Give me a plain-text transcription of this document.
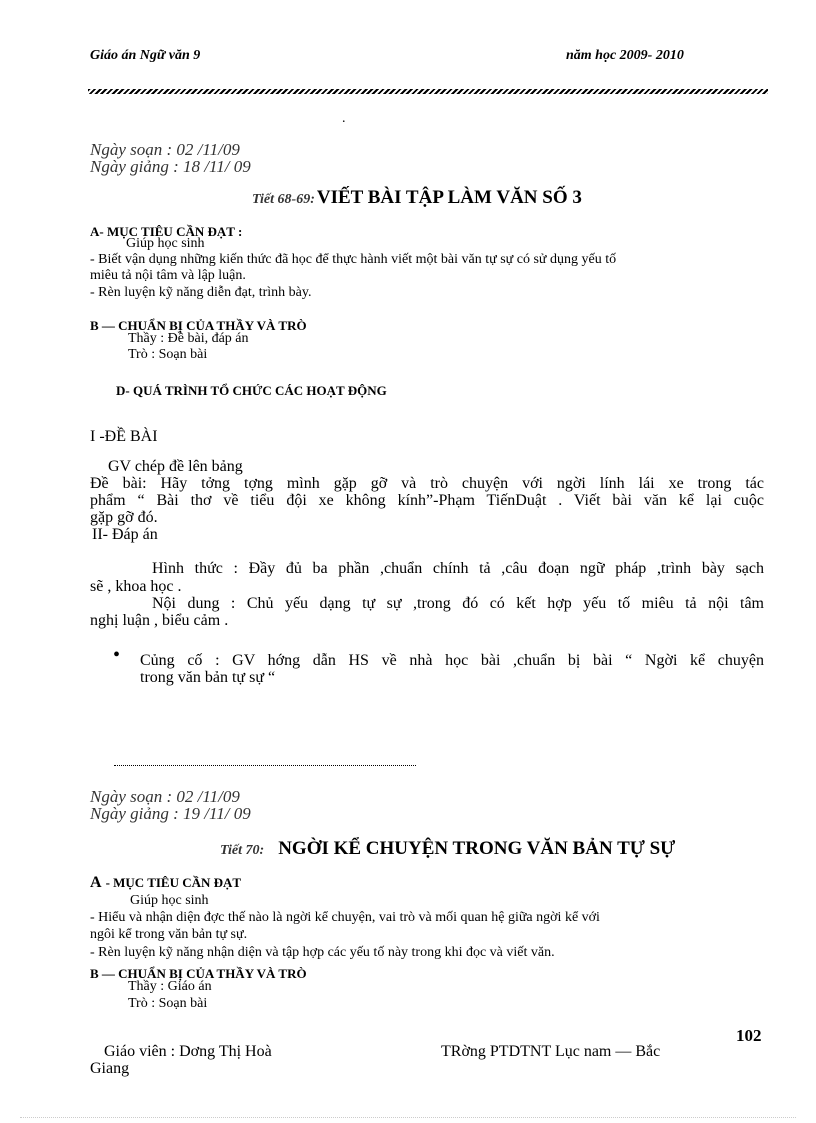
Giáo án Ngữ văn 9	năm học 2009- 2010
.
Ngày soạn : 02 /11/09
Ngày giảng : 18 /11/ 09
Tiết 68-69: VIẾT BÀI TẬP LÀM VĂN SỐ 3
A- MỤC TIÊU CẦN ĐẠT :
Giúp học sinh
- Biết vận dụng những kiến thức đã học để thực hành viết một bài văn tự sự có sử dụng yếu tố
miêu tả nội tâm và lập luận.
- Rèn luyện kỹ năng diễn đạt, trình bày.
B — CHUẨN BỊ CỦA THẦY VÀ TRÒ
Thầy : Đề bài, đáp án
Trò : Soạn bài
D- QUÁ TRÌNH TỔ CHỨC CÁC HOẠT ĐỘNG
I -ĐỀ BÀI
GV chép đề lên bảng
Đề bài: Hãy tởng tợng mình gặp gỡ và trò chuyện với ngời lính lái xe trong tác
phẩm “ Bài thơ về tiểu đội xe không kính”-Phạm TiếnDuật . Viết bài văn kể lại cuộc
gặp gỡ đó.
II- Đáp án
Hình thức : Đầy đủ ba phần ,chuẩn chính tả ,câu đoạn ngữ pháp ,trình bày sạch
sẽ , khoa học .
Nội dung : Chủ yếu dạng tự sự ,trong đó có kết hợp yếu tố miêu tả nội tâm
nghị luận , biểu cảm .
• Củng cố : GV hớng dẫn HS về nhà học bài ,chuẩn bị bài “ Ngời kể chuyện
trong văn bản tự sự “
Ngày soạn : 02 /11/09
Ngày giảng : 19 /11/ 09
Tiết 70: NGỜI KỂ CHUYỆN TRONG VĂN BẢN TỰ SỰ
A - MỤC TIÊU CẦN ĐẠT
Giúp học sinh
- Hiểu và nhận diện đợc thế nào là ngời kể chuyện, vai trò và mối quan hệ giữa ngời kể với
ngôi kể trong văn bản tự sự.
- Rèn luyện kỹ năng nhận diện và tập hợp các yếu tố này trong khi đọc và viết văn.
B — CHUẨN BỊ CỦA THẦY VÀ TRÒ
Thầy : Giáo án
Trò : Soạn bài
102
Giáo viên : Dơng Thị Hoà	TRờng PTDTNT Lục nam — Bắc
Giang
